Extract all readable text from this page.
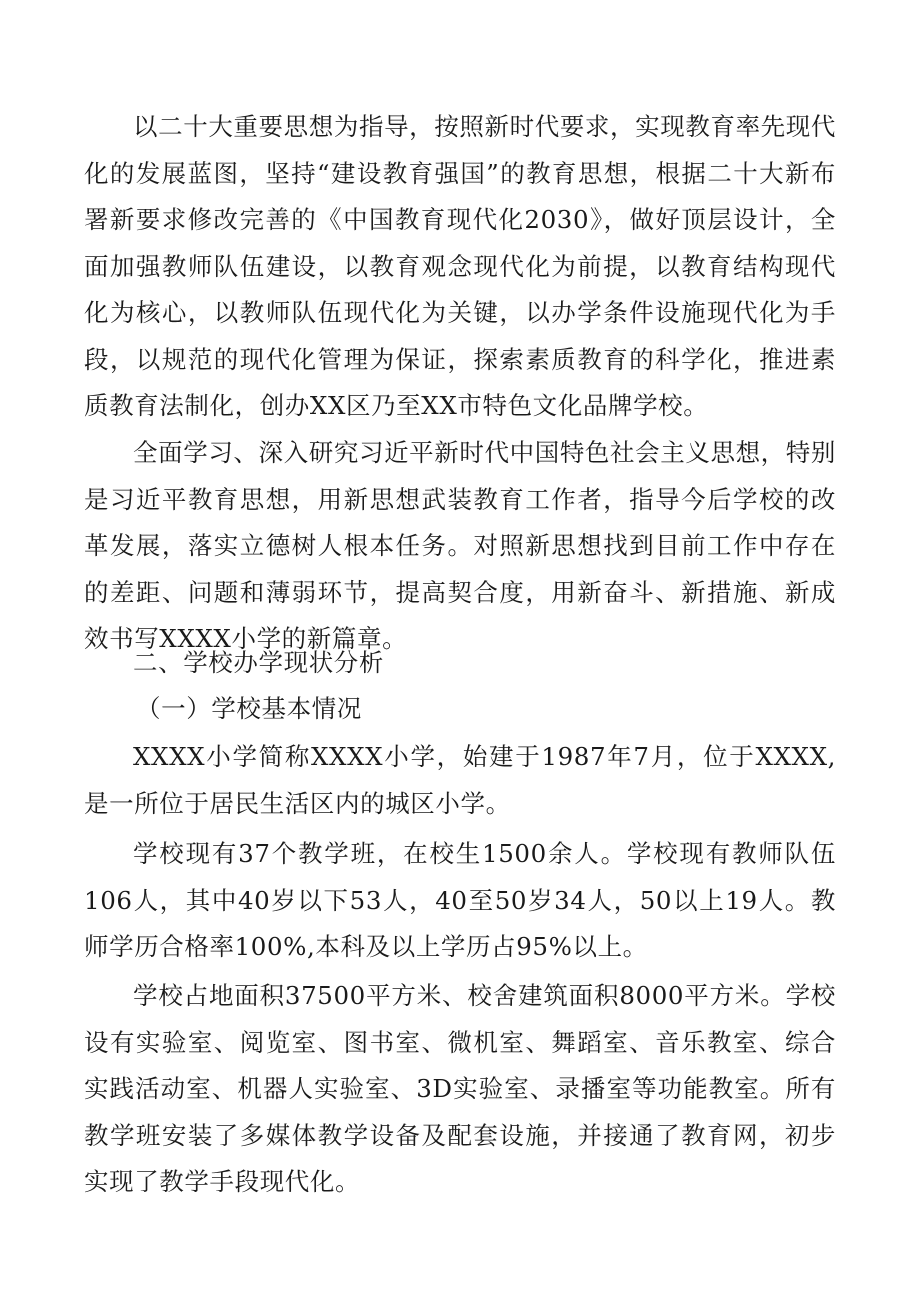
以二十大重要思想为指导，按照新时代要求，实现教育率先现代化的发展蓝图，坚持“建设教育强国”的教育思想，根据二十大新布署新要求修改完善的《中国教育现代化2030》，做好顶层设计，全面加强教师队伍建设，以教育观念现代化为前提，以教育结构现代化为核心，以教师队伍现代化为关键，以办学条件设施现代化为手段，以规范的现代化管理为保证，探索素质教育的科学化，推进素质教育法制化，创办XX区乃至XX市特色文化品牌学校。

全面学习、深入研究习近平新时代中国特色社会主义思想，特别是习近平教育思想，用新思想武装教育工作者，指导今后学校的改革发展，落实立德树人根本任务。对照新思想找到目前工作中存在的差距、问题和薄弱环节，提高契合度，用新奋斗、新措施、新成效书写XXXX小学的新篇章。

二、学校办学现状分析
（一）学校基本情况

XXXX小学简称XXXX小学，始建于1987年7月，位于XXXX,是一所位于居民生活区内的城区小学。

学校现有37个教学班，在校生1500余人。学校现有教师队伍106人，其中40岁以下53人，40至50岁34人，50以上19人。教师学历合格率100%,本科及以上学历占95%以上。

学校占地面积37500平方米、校舍建筑面积8000平方米。学校设有实验室、阅览室、图书室、微机室、舞蹈室、音乐教室、综合实践活动室、机器人实验室、3D实验室、录播室等功能教室。所有教学班安装了多媒体教学设备及配套设施，并接通了教育网，初步实现了教学手段现代化。
